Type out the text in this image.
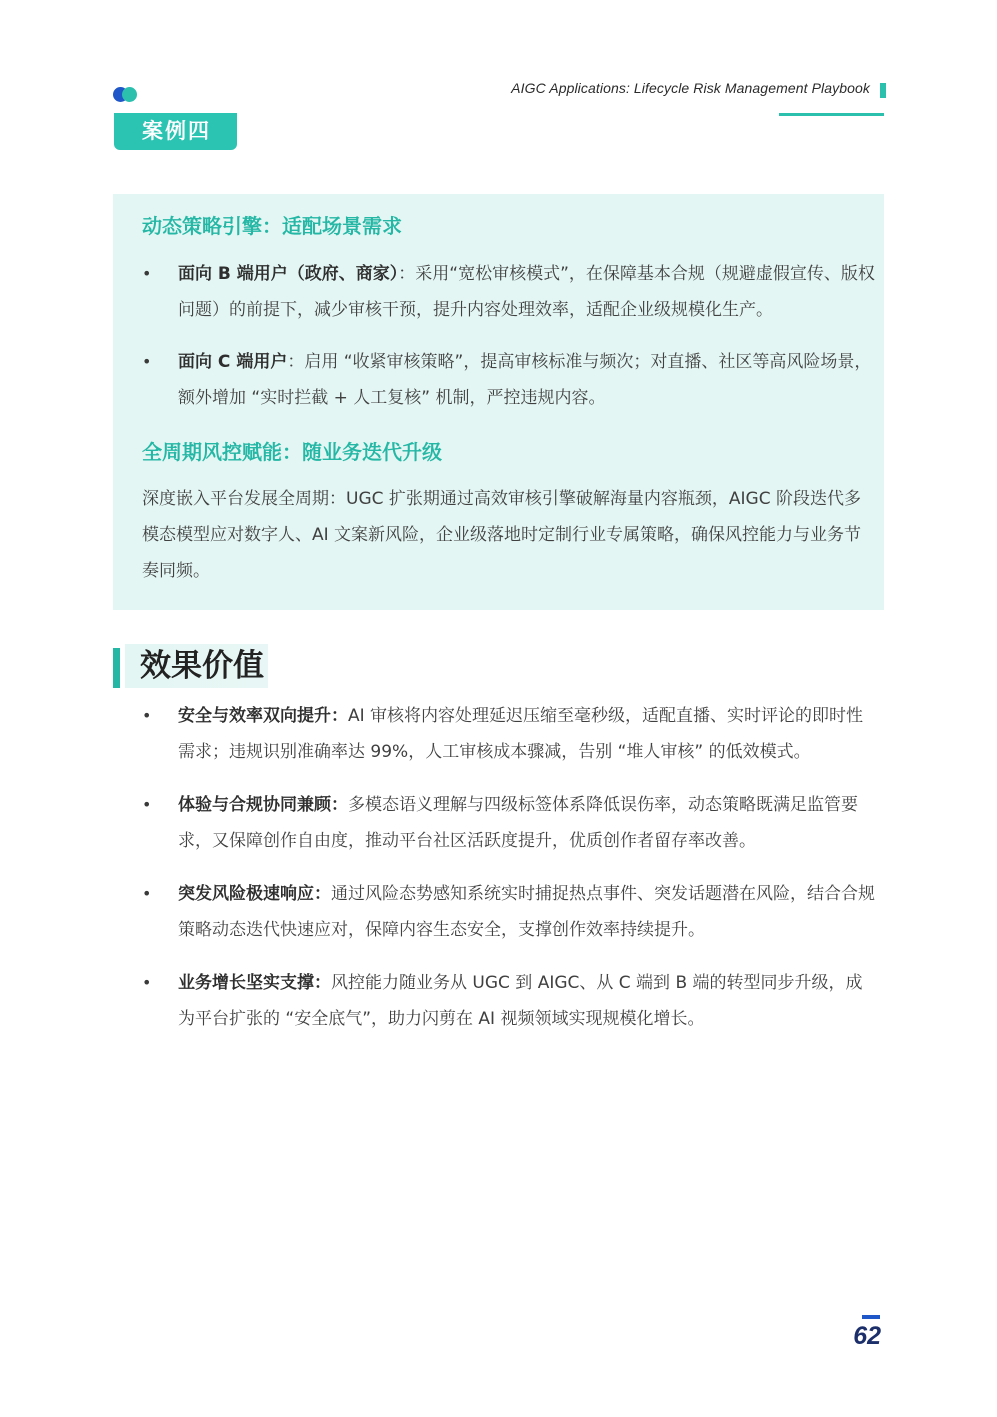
AIGC Applications: Lifecycle Risk Management Playbook
案例四
动态策略引擎：适配场景需求
• 面向 B 端用户（政府、商家）：采用“宽松审核模式”，在保障基本合规（规避虚假宣传、版权问题）的前提下，减少审核干预，提升内容处理效率，适配企业级规模化生产。
• 面向 C 端用户：启用 “收紧审核策略”，提高审核标准与频次；对直播、社区等高风险场景，额外增加 “实时拦截 + 人工复核” 机制，严控违规内容。
全周期风控赋能：随业务迭代升级
深度嵌入平台发展全周期：UGC 扩张期通过高效审核引擎破解海量内容瓶颈，AIGC 阶段迭代多模态模型应对数字人、AI 文案新风险，企业级落地时定制行业专属策略，确保风控能力与业务节奏同频。
效果价值
• 安全与效率双向提升：AI 审核将内容处理延迟压缩至毫秒级，适配直播、实时评论的即时性需求；违规识别准确率达 99%，人工审核成本骤减，告别 “堆人审核” 的低效模式。
• 体验与合规协同兼顾：多模态语义理解与四级标签体系降低误伤率，动态策略既满足监管要求，又保障创作自由度，推动平台社区活跃度提升，优质创作者留存率改善。
• 突发风险极速响应：通过风险态势感知系统实时捕捉热点事件、突发话题潜在风险，结合合规策略动态迭代快速应对，保障内容生态安全，支撑创作效率持续提升。
• 业务增长坚实支撑：风控能力随业务从 UGC 到 AIGC、从 C 端到 B 端的转型同步升级，成为平台扩张的 “安全底气”，助力闪剪在 AI 视频领域实现规模化增长。
62
